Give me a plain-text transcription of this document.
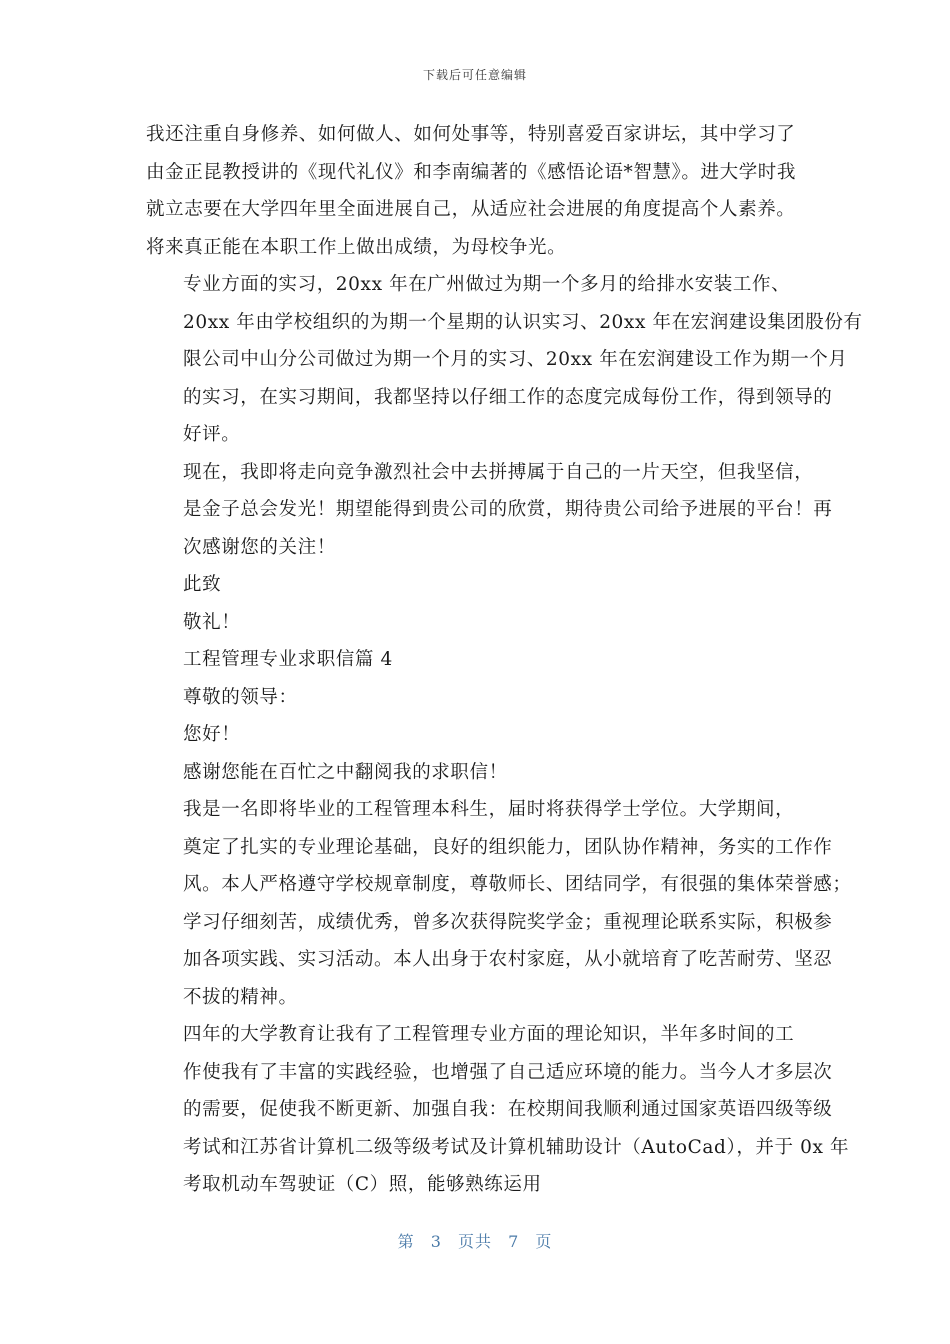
下载后可任意编辑

我还注重自身修养、如何做人、如何处事等，特别喜爱百家讲坛，其中学习了
由金正昆教授讲的《现代礼仪》和李南编著的《感悟论语*智慧》。进大学时我
就立志要在大学四年里全面进展自己，从适应社会进展的角度提高个人素养。
将来真正能在本职工作上做出成绩，为母校争光。

专业方面的实习，20xx 年在广州做过为期一个多月的给排水安装工作、
20xx 年由学校组织的为期一个星期的认识实习、20xx 年在宏润建设集团股份有
限公司中山分公司做过为期一个月的实习、20xx 年在宏润建设工作为期一个月
的实习，在实习期间，我都坚持以仔细工作的态度完成每份工作，得到领导的
好评。

现在，我即将走向竞争激烈社会中去拼搏属于自己的一片天空，但我坚信，
是金子总会发光！期望能得到贵公司的欣赏，期待贵公司给予进展的平台！再
次感谢您的关注！

此致

敬礼！

工程管理专业求职信篇 4

尊敬的领导：

您好！

感谢您能在百忙之中翻阅我的求职信！

我是一名即将毕业的工程管理本科生，届时将获得学士学位。大学期间，
奠定了扎实的专业理论基础，良好的组织能力，团队协作精神，务实的工作作
风。本人严格遵守学校规章制度，尊敬师长、团结同学，有很强的集体荣誉感；
学习仔细刻苦，成绩优秀，曾多次获得院奖学金；重视理论联系实际，积极参
加各项实践、实习活动。本人出身于农村家庭，从小就培育了吃苦耐劳、坚忍
不拔的精神。

四年的大学教育让我有了工程管理专业方面的理论知识，半年多时间的工
作使我有了丰富的实践经验，也增强了自己适应环境的能力。当今人才多层次
的需要，促使我不断更新、加强自我：在校期间我顺利通过国家英语四级等级
考试和江苏省计算机二级等级考试及计算机辅助设计（AutoCad），并于 0x 年
考取机动车驾驶证（C）照，能够熟练运用

第 3 页共 7 页
